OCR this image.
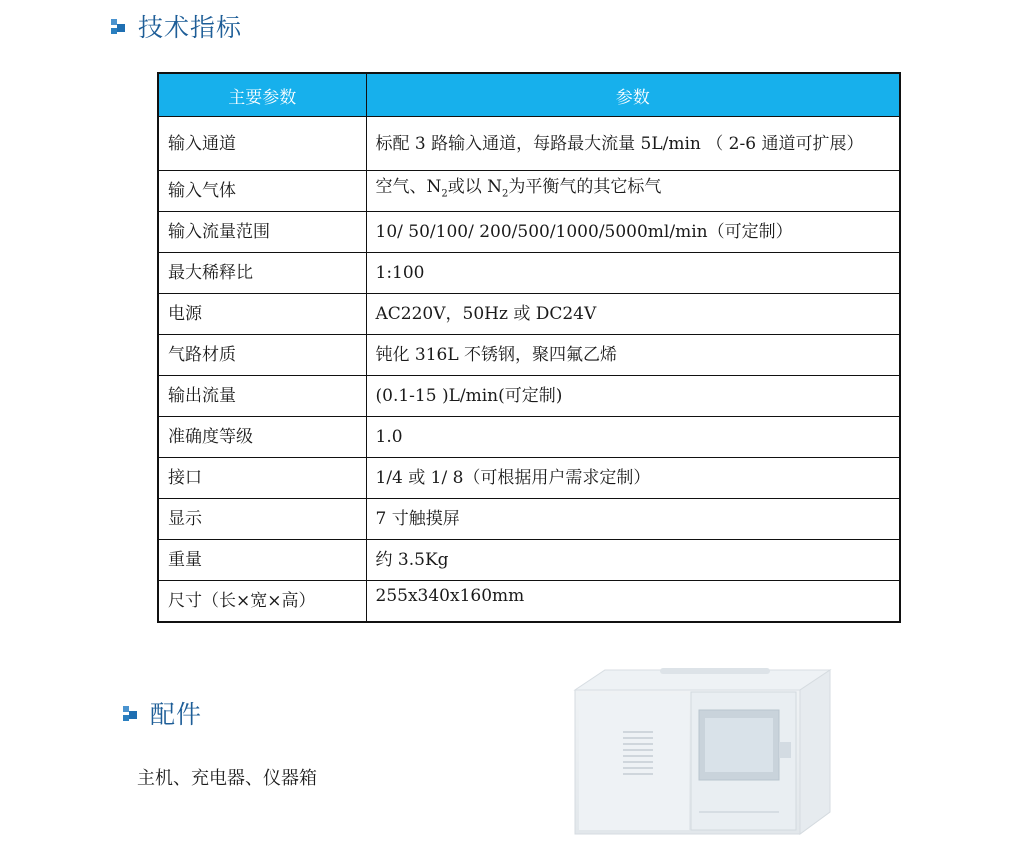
技术指标
主要参数	参数
输入通道	标配 3 路输入通道，每路最大流量 5L/min （ 2-6 通道可扩展）
输入气体	空气、$N_2$或以 $N_2$为平衡气的其它标气
输入流量范围	10/ 50/100/ 200/500/1000/5000ml/min（可定制）
最大稀释比	1:100
电源	AC220V，50Hz 或 DC24V
气路材质	钝化 316L 不锈钢，聚四氟乙烯
输出流量	(0.1-15 )L/min(可定制)
准确度等级	1.0
接口	1/4 或 1/ 8（可根据用户需求定制）
显示	7 寸触摸屏
重量	约 3.5Kg
尺寸（长×宽×高）	255x340x160mm
配件
主机、充电器、仪器箱
